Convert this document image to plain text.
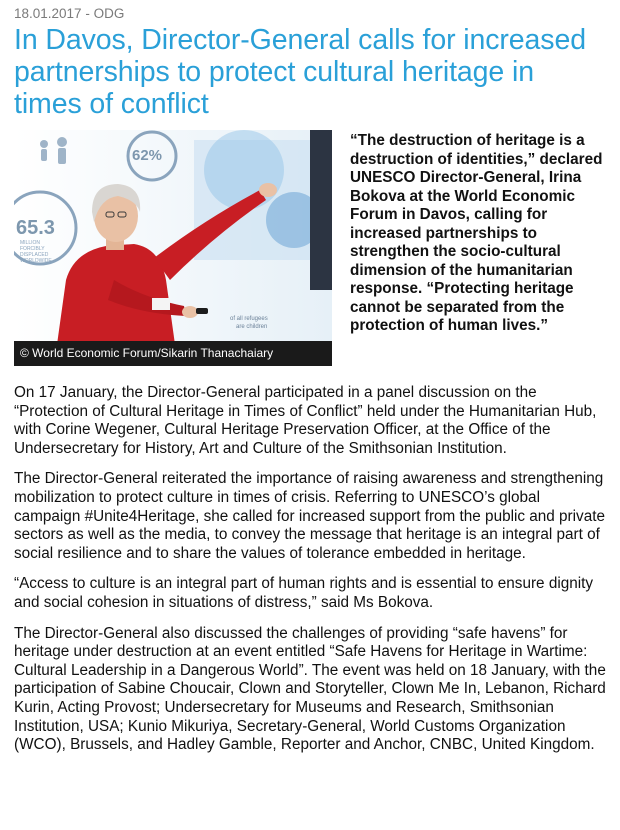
18.01.2017 - ODG

In Davos, Director-General calls for increased partnerships to protect cultural heritage in times of conflict
65.3
MILLION
FORCIBLY
DISPLACED
WORLDWIDE
62%
of all refugees
are children
© World Economic Forum/Sikarin Thanachaiary

“The destruction of heritage is a destruction of identities,” declared UNESCO Director-General, Irina Bokova at the World Economic Forum in Davos, calling for increased partnerships to strengthen the socio-cultural dimension of the humanitarian response. “Protecting heritage cannot be separated from the protection of human lives.”

On 17 January, the Director-General participated in a panel discussion on the “Protection of Cultural Heritage in Times of Conflict” held under the Humanitarian Hub, with Corine Wegener, Cultural Heritage Preservation Officer, at the Office of the Undersecretary for History, Art and Culture of the Smithsonian Institution.

The Director-General reiterated the importance of raising awareness and strengthening mobilization to protect culture in times of crisis. Referring to UNESCO’s global campaign #Unite4Heritage, she called for increased support from the public and private sectors as well as the media, to convey the message that heritage is an integral part of social resilience and to share the values of tolerance embedded in heritage.

“Access to culture is an integral part of human rights and is essential to ensure dignity and social cohesion in situations of distress,” said Ms Bokova.

The Director-General also discussed the challenges of providing “safe havens” for heritage under destruction at an event entitled “Safe Havens for Heritage in Wartime: Cultural Leadership in a Dangerous World”. The event was held on 18 January, with the participation of Sabine Choucair, Clown and Storyteller, Clown Me In, Lebanon, Richard Kurin, Acting Provost; Undersecretary for Museums and Research, Smithsonian Institution, USA; Kunio Mikuriya, Secretary-General, World Customs Organization (WCO), Brussels, and Hadley Gamble, Reporter and Anchor, CNBC, United Kingdom.
